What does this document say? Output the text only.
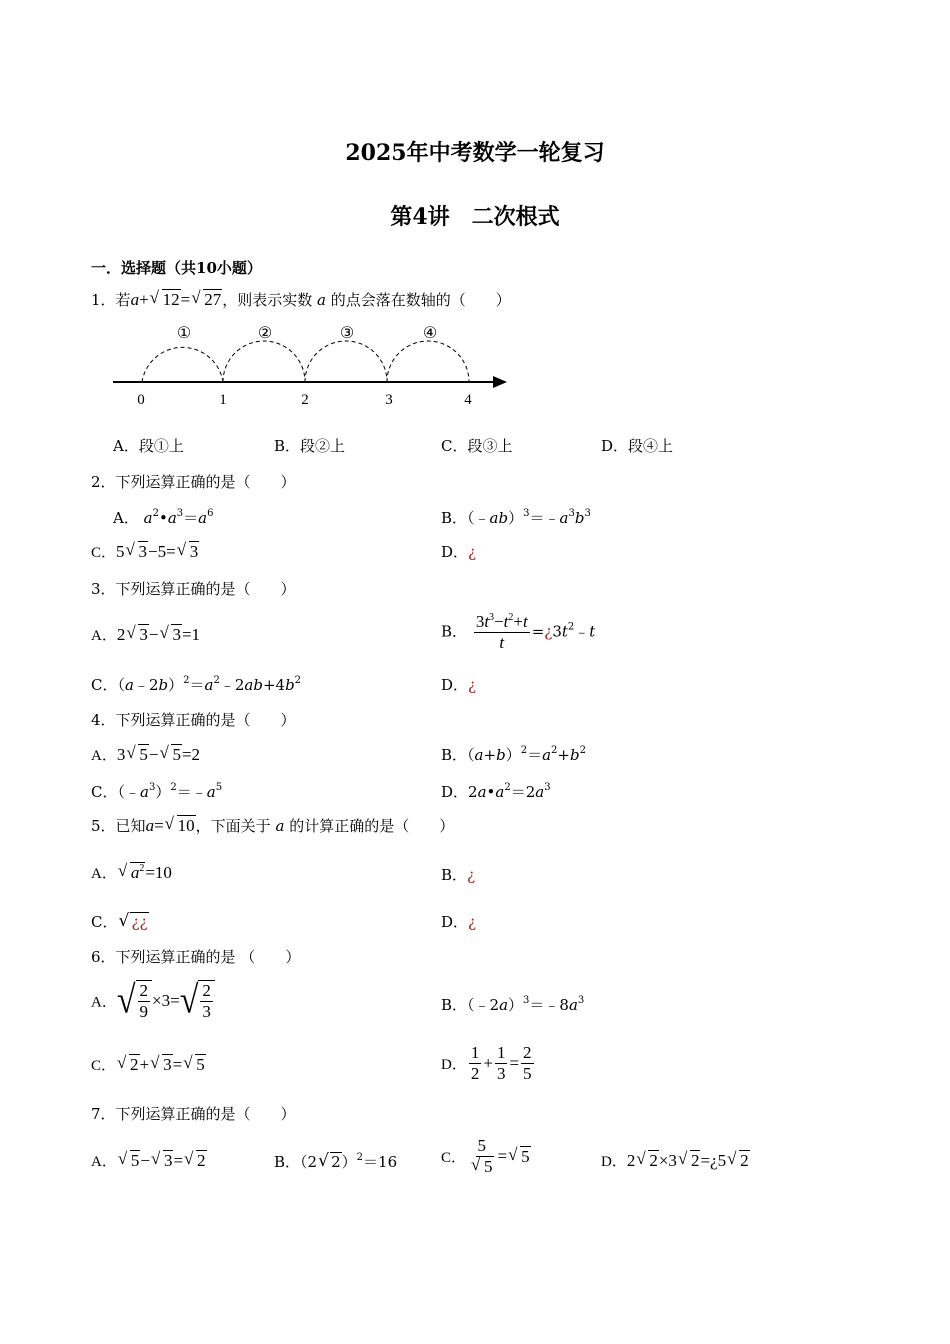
2025年中考数学一轮复习
第4讲　二次根式
一．选择题（共10小题）
1．若a+ √ 12= √ 27，则表示实数 a 的点会落在数轴的（　　）
①	②	③	④
0	1	2	3	4
A．段①上	B．段②上	C．段③上	D．段④上
2．下列运算正确的是（　　）
A． $a^2•a^3=a^6$	B．$(﹣ab)^3=﹣a^3b^3$
C．5 √ 3−5= √ 3	D．¿
3．下列运算正确的是（　　）
A．2 √ 3− √ 3=1	B． $\frac{3t^3-t^2+t}{t}$ $=¿3t^2﹣t$
C．$(a﹣2b)^2=a^2﹣2ab+4b^2$	D．¿
4．下列运算正确的是（　　）
A．3 √ 5− √ 5=2	B．$(a+b)^2=a^2+b^2$
C．$(﹣a^3)^2=﹣a^5$	D．$2a•a^2=2a^3$
5．已知a= √ 10，下面关于 a 的计算正确的是（　　）
A． √ $a^2=10$	B．¿
C． √ ¿¿	D．¿
6．下列运算正确的是 （　　）
A． √ $\frac{2}{9} \times 3=$ √ $\frac{2}{3}$	B．$(﹣2a)^3=﹣8a^3$
C． √ 2+ √ 3= √ 5	D． $\frac{1}{2} + \frac{1}{3} = \frac{2}{5}$
7．下列运算正确的是（　　）
A． √ 5− √ 3= √ 2	B．（2 √ 2）$^2$＝16	C． 5
√ 5 = √ 5	D．2 √ 2×3 √ 2=¿5 √ 2
